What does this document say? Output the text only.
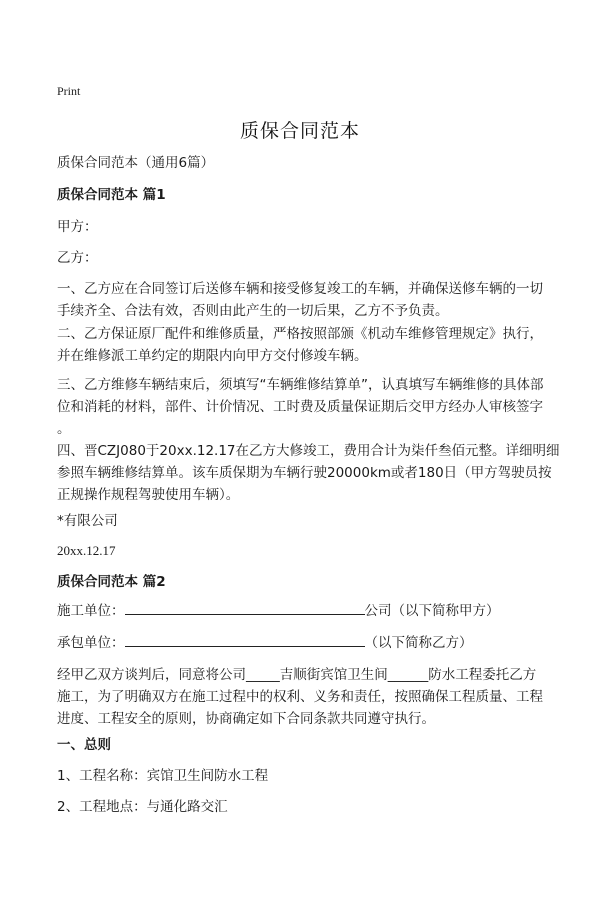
Print
质保合同范本
质保合同范本（通用6篇）
质保合同范本 篇1
甲方：
乙方：
一、乙方应在合同签订后送修车辆和接受修复竣工的车辆，并确保送修车辆的一切
手续齐全、合法有效，否则由此产生的一切后果，乙方不予负责。
二、乙方保证原厂配件和维修质量，严格按照部颁《机动车维修管理规定》执行，
并在维修派工单约定的期限内向甲方交付修竣车辆。
三、乙方维修车辆结束后，须填写“车辆维修结算单”，认真填写车辆维修的具体部
位和消耗的材料，部件、计价情况、工时费及质量保证期后交甲方经办人审核签字
。
四、晋CZJ080于20xx.12.17在乙方大修竣工，费用合计为柒仟叁佰元整。详细明细
参照车辆维修结算单。该车质保期为车辆行驶20000km或者180日（甲方驾驶员按
正规操作规程驾驶使用车辆）。
*有限公司
20xx.12.17
质保合同范本 篇2
施工单位：	公司（以下简称甲方）
承包单位：	（以下简称乙方）
经甲乙双方谈判后，同意将公司_____吉顺街宾馆卫生间______防水工程委托乙方
施工，为了明确双方在施工过程中的权利、义务和责任，按照确保工程质量、工程
进度、工程安全的原则，协商确定如下合同条款共同遵守执行。
一、总则
1、工程名称：宾馆卫生间防水工程
2、工程地点：与通化路交汇
